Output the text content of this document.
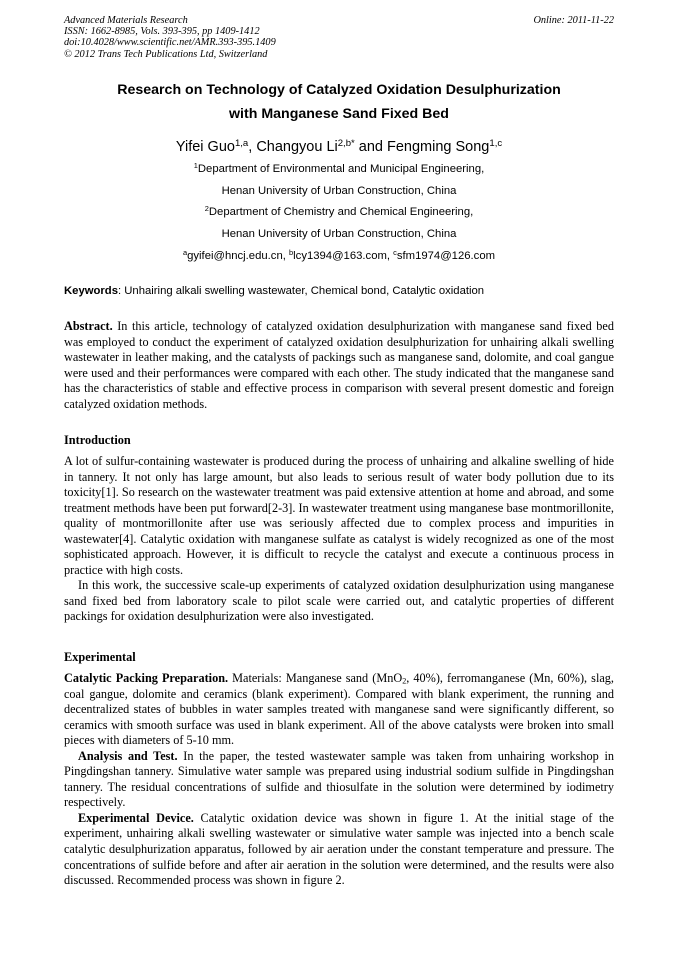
Advanced Materials Research
ISSN: 1662-8985, Vols. 393-395, pp 1409-1412
doi:10.4028/www.scientific.net/AMR.393-395.1409
© 2012 Trans Tech Publications Ltd, Switzerland
Online: 2011-11-22
Research on Technology of Catalyzed Oxidation Desulphurization
with Manganese Sand Fixed Bed
Yifei Guo$^{1,a}$, Changyou $Li^{2,b*}$ and Fengming Song$^{1,c}$
$^1$Department of Environmental and Municipal Engineering,
Henan University of Urban Construction, China
$^2$Department of Chemistry and Chemical Engineering,
Henan University of Urban Construction, China
$^a$gyifei@hncj.edu.cn, $^b$lcy1394@163.com, $^c$sfm1974@126.com
Keywords: Unhairing alkali swelling wastewater, Chemical bond, Catalytic oxidation

Abstract. In this article, technology of catalyzed oxidation desulphurization with manganese sand fixed bed was employed to conduct the experiment of catalyzed oxidation desulphurization for unhairing alkali swelling wastewater in leather making, and the catalysts of packings such as manganese sand, dolomite, and coal gangue were used and their performances were compared with each other. The study indicated that the manganese sand has the characteristics of stable and effective process in comparison with several present domestic and foreign catalyzed oxidation methods.

Introduction

A lot of sulfur-containing wastewater is produced during the process of unhairing and alkaline swelling of hide in tannery. It not only has large amount, but also leads to serious result of water body pollution due to its toxicity[1]. So research on the wastewater treatment was paid extensive attention at home and abroad, and some treatment methods have been put forward[2-3]. In wastewater treatment using manganese base montmorillonite, quality of montmorillonite after use was seriously affected due to complex process and impurities in wastewater[4]. Catalytic oxidation with manganese sulfate as catalyst is widely recognized as one of the most sophisticated approach. However, it is difficult to recycle the catalyst and execute a continuous process in practice with high costs.

In this work, the successive scale-up experiments of catalyzed oxidation desulphurization using manganese sand fixed bed from laboratory scale to pilot scale were carried out, and catalytic properties of different packings for oxidation desulphurization were also investigated.

Experimental

Catalytic Packing Preparation. Materials: Manganese sand (MnO$_2$, 40%), ferromanganese (Mn, 60%), slag, coal gangue, dolomite and ceramics (blank experiment). Compared with blank experiment, the running and decentralized states of bubbles in water samples treated with manganese sand were significantly different, so ceramics with smooth surface was used in blank experiment. All of the above catalysts were broken into small pieces with diameters of 5-10 mm.

Analysis and Test. In the paper, the tested wastewater sample was taken from unhairing workshop in Pingdingshan tannery. Simulative water sample was prepared using industrial sodium sulfide in Pingdingshan tannery. The residual concentrations of sulfide and thiosulfate in the solution were determined by iodimetry respectively.

Experimental Device. Catalytic oxidation device was shown in figure 1. At the initial stage of the experiment, unhairing alkali swelling wastewater or simulative water sample was injected into a bench scale catalytic desulphurization apparatus, followed by air aeration under the constant temperature and pressure. The concentrations of sulfide before and after air aeration in the solution were determined, and the results were also discussed. Recommended process was shown in figure 2.
